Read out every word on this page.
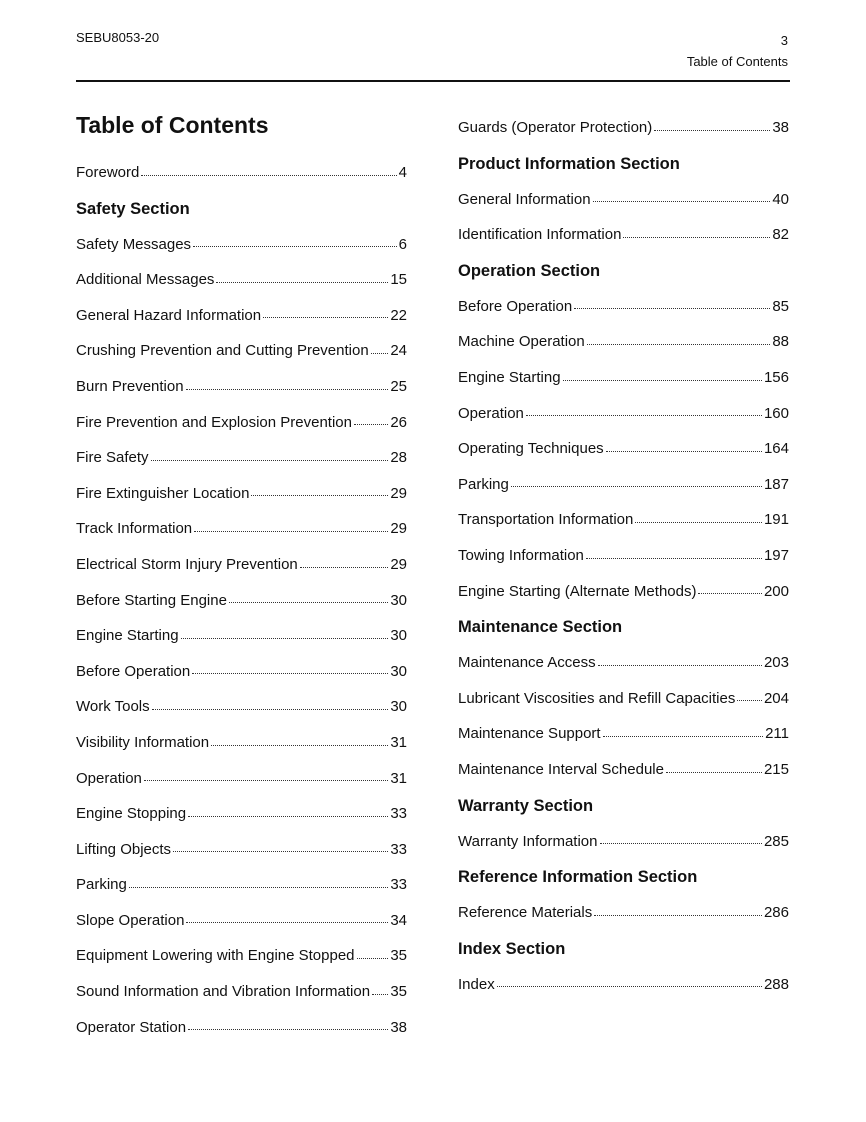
SEBU8053-20	3
Table of Contents
Table of Contents
Foreword	4
Safety Section
Safety Messages	6
Additional Messages	15
General Hazard Information	22
Crushing Prevention and Cutting Prevention 24
Burn Prevention	25
Fire Prevention and Explosion Prevention	26
Fire Safety	28
Fire Extinguisher Location	29
Track Information	29
Electrical Storm Injury Prevention	29
Before Starting Engine	30
Engine Starting	30
Before Operation	30
Work Tools	30
Visibility Information	31
Operation	31
Engine Stopping	33
Lifting Objects	33
Parking	33
Slope Operation	34
Equipment Lowering with Engine Stopped 35
Sound Information and Vibration Information 35
Operator Station	38
Guards (Operator Protection)	38
Product Information Section
General Information	40
Identification Information	82
Operation Section
Before Operation	85
Machine Operation	88
Engine Starting	156
Operation	160
Operating Techniques	164
Parking	187
Transportation Information	191
Towing Information	197
Engine Starting (Alternate Methods)	200
Maintenance Section
Maintenance Access	203
Lubricant Viscosities and Refill Capacities 204
Maintenance Support	211
Maintenance Interval Schedule	215
Warranty Section
Warranty Information	285
Reference Information Section
Reference Materials	286
Index Section
Index	288
